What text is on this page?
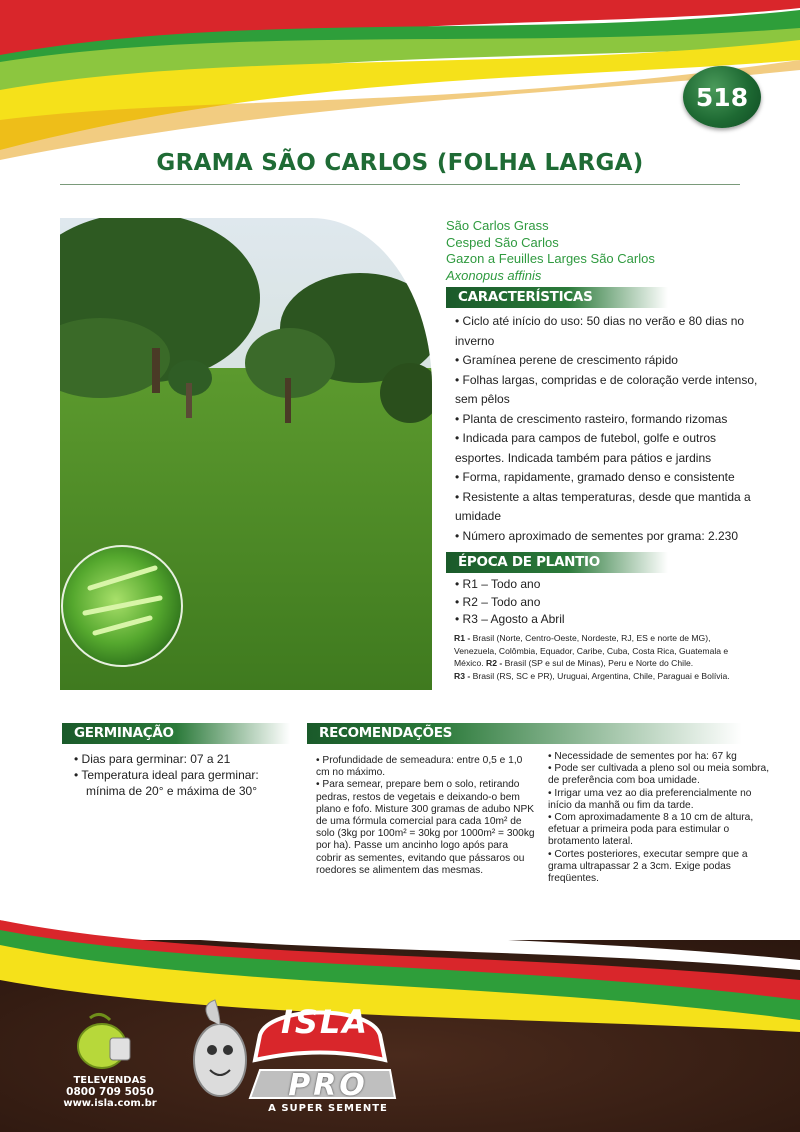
518
GRAMA SÃO CARLOS (FOLHA LARGA)
São Carlos Grass
Cesped São Carlos
Gazon a Feuilles Larges São Carlos
Axonopus affinis
CARACTERÍSTICAS
• Ciclo até início do uso: 50 dias no verão e 80 dias no inverno
• Gramínea perene de crescimento rápido
• Folhas largas, compridas e de coloração verde intenso, sem pêlos
• Planta de crescimento rasteiro, formando rizomas
• Indicada para campos de futebol, golfe e outros esportes. Indicada também para pátios e jardins
• Forma, rapidamente, gramado denso e consistente
• Resistente a altas temperaturas, desde que mantida a umidade
• Número aproximado de sementes por grama: 2.230
ÉPOCA DE PLANTIO
• R1 – Todo ano
• R2 – Todo ano
• R3 – Agosto a Abril
R1 - Brasil (Norte, Centro-Oeste, Nordeste, RJ, ES e norte de MG), Venezuela, Colômbia, Equador, Caribe, Cuba, Costa Rica, Guatemala e México. R2 - Brasil (SP e sul de Minas), Peru e Norte do Chile.
R3 - Brasil (RS, SC e PR), Uruguai, Argentina, Chile, Paraguai e Bolívia.
GERMINAÇÃO
• Dias para germinar: 07 a 21
• Temperatura ideal para germinar: mínima de 20° e máxima de 30°
RECOMENDAÇÕES

• Profundidade de semeadura: entre 0,5 e 1,0 cm no máximo.

• Para semear, prepare bem o solo, retirando pedras, restos de vegetais e deixando-o bem plano e fofo. Misture 300 gramas de adubo NPK de uma fórmula comercial para cada 10m² de solo (3kg por 100m² = 30kg por 1000m² = 300kg por ha). Passe um ancinho logo após para cobrir as sementes, evitando que pássaros ou roedores se alimentem das mesmas.

• Necessidade de sementes por ha: 67 kg

• Pode ser cultivada a pleno sol ou meia sombra, de preferência com boa umidade.

• Irrigar uma vez ao dia preferencialmente no início da manhã ou fim da tarde.

• Com aproximadamente 8 a 10 cm de altura, efetuar a primeira poda para estimular o brotamento lateral.

• Cortes posteriores, executar sempre que a grama ultrapassar 2 a 3cm. Exige podas freqüentes.

ISLA
PRO
A SUPER SEMENTE
TELEVENDAS
0800 709 5050
www.isla.com.br
